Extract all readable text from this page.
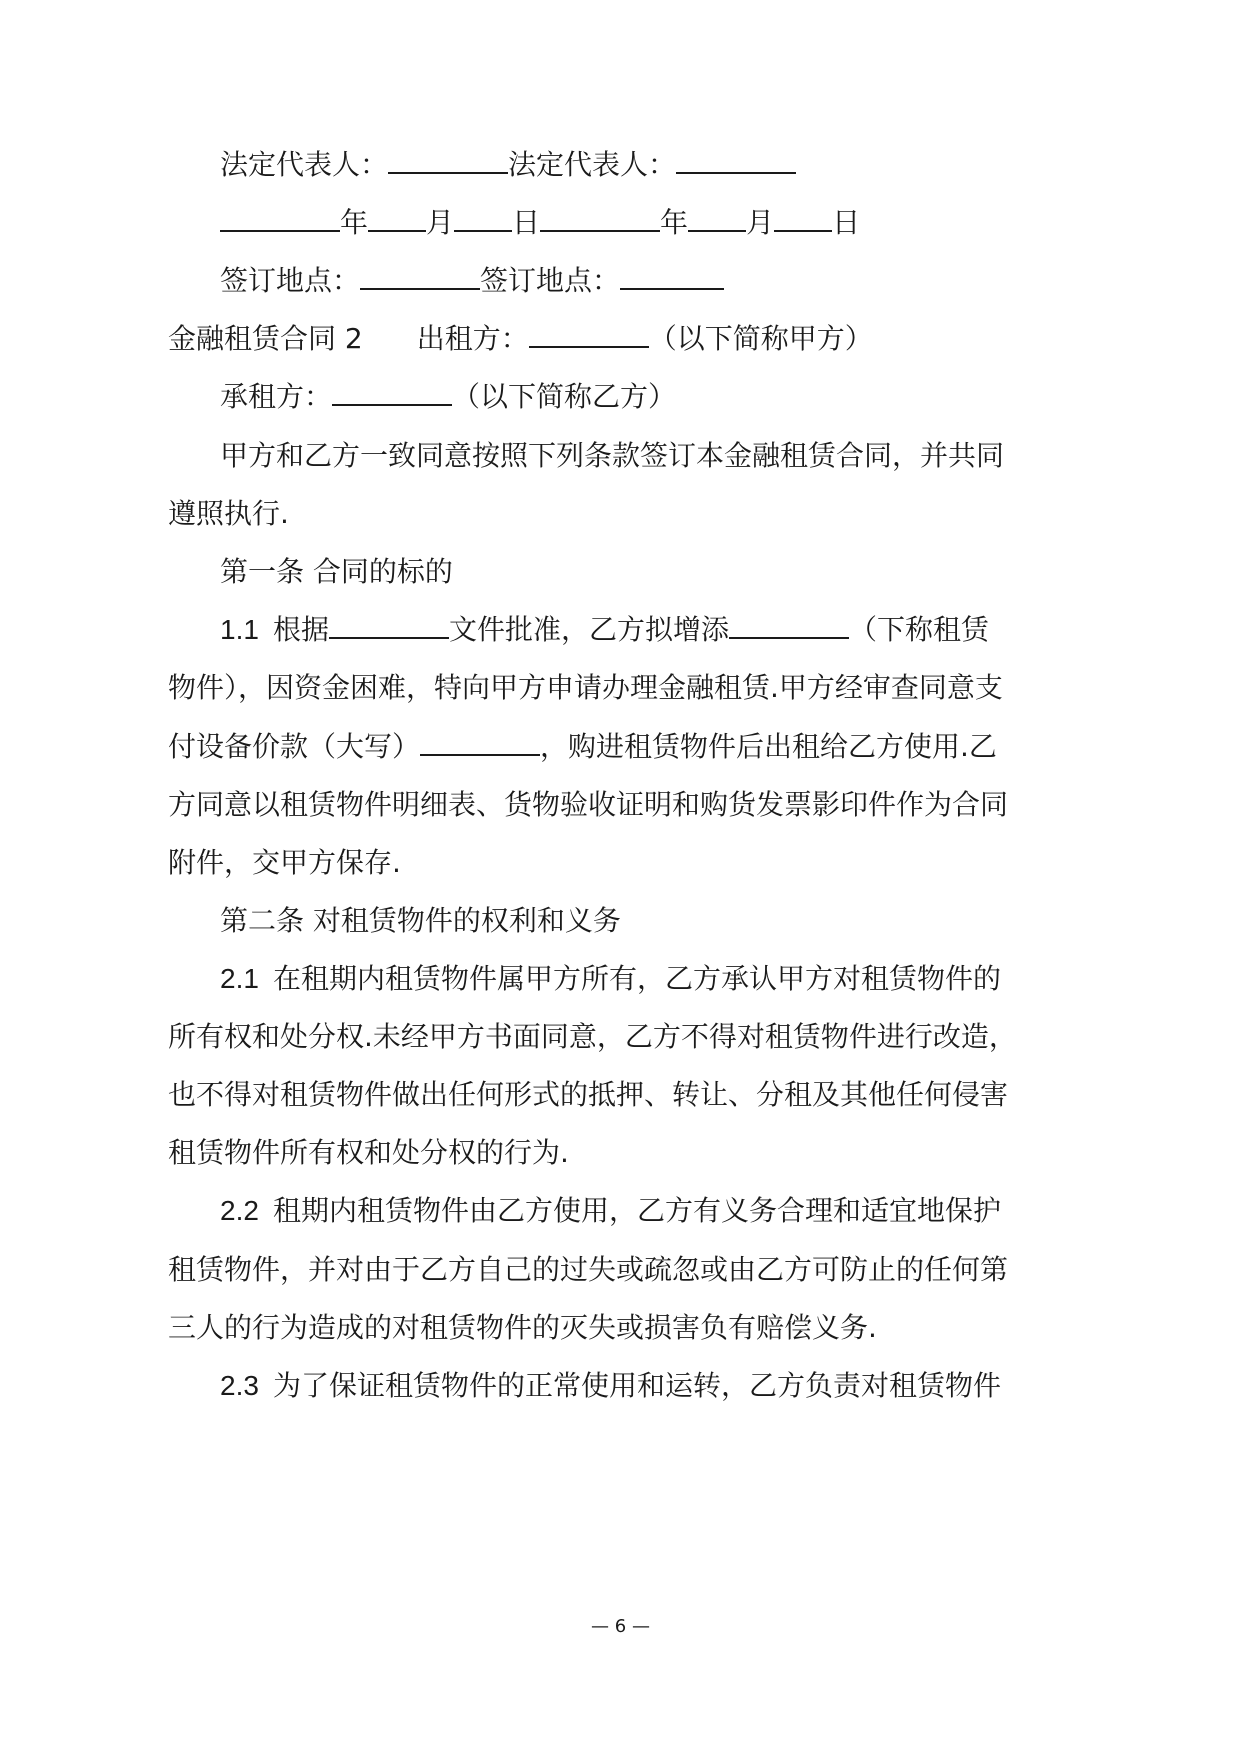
法定代表人：	法定代表人：
年 月 日	年 月 日
签订地点：	签订地点：
金融租赁合同 2 出租方：	（以下简称甲方）
承租方：	（以下简称乙方）
甲方和乙方一致同意按照下列条款签订本金融租赁合同，并共同
遵照执行.
第一条 合同的标的
1.1 根据	文件批准，乙方拟增添	（下称租赁
物件），因资金困难，特向甲方申请办理金融租赁.甲方经审查同意支
付设备价款（大写）	，购进租赁物件后出租给乙方使用.乙
方同意以租赁物件明细表、货物验收证明和购货发票影印件作为合同
附件，交甲方保存.
第二条 对租赁物件的权利和义务
2.1 在租期内租赁物件属甲方所有，乙方承认甲方对租赁物件的
所有权和处分权.未经甲方书面同意，乙方不得对租赁物件进行改造，
也不得对租赁物件做出任何形式的抵押、转让、分租及其他任何侵害
租赁物件所有权和处分权的行为.
2.2 租期内租赁物件由乙方使用，乙方有义务合理和适宜地保护
租赁物件，并对由于乙方自己的过失或疏忽或由乙方可防止的任何第
三人的行为造成的对租赁物件的灭失或损害负有赔偿义务.
2.3 为了保证租赁物件的正常使用和运转，乙方负责对租赁物件
— 6 —
